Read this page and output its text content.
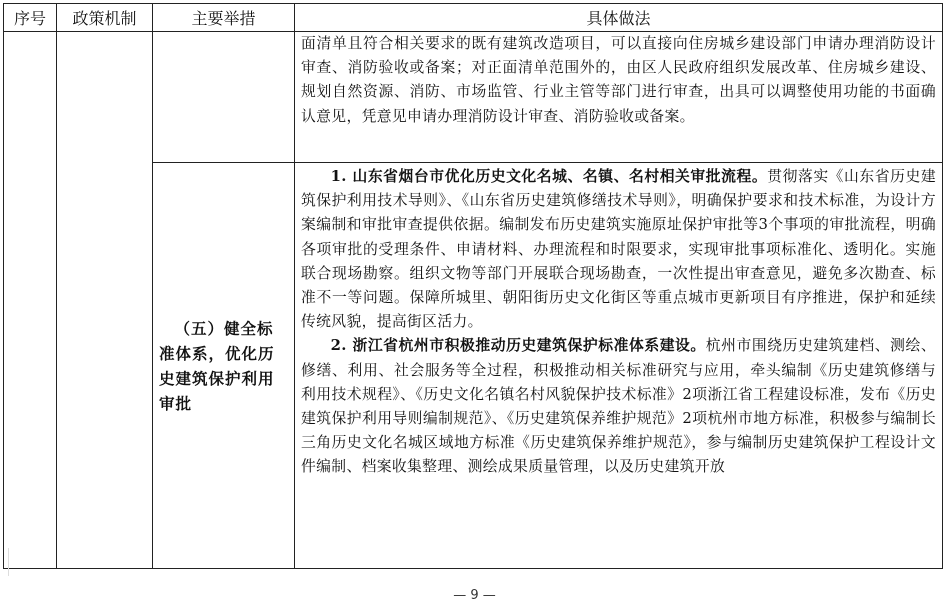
序号	政策机制	主要举措	具体做法

			面清单且符合相关要求的既有建筑改造项目，可以直接向住房城乡建设部门申请办理消防设计审查、消防验收或备案；对正面清单范围外的，由区人民政府组织发展改革、住房城乡建设、规划自然资源、消防、市场监管、行业主管等部门进行审查，出具可以调整使用功能的书面确认意见，凭意见申请办理消防设计审查、消防验收或备案。

		（五）健全标准体系，优化历史建筑保护利用审批	1. 山东省烟台市优化历史文化名城、名镇、名村相关审批流程。贯彻落实《山东省历史建筑保护利用技术导则》、《山东省历史建筑修缮技术导则》，明确保护要求和技术标准，为设计方案编制和审批审查提供依据。编制发布历史建筑实施原址保护审批等3个事项的审批流程，明确各项审批的受理条件、申请材料、办理流程和时限要求，实现审批事项标准化、透明化。实施联合现场勘察。组织文物等部门开展联合现场勘查，一次性提出审查意见，避免多次勘查、标准不一等问题。保障所城里、朝阳街历史文化街区等重点城市更新项目有序推进，保护和延续传统风貌，提高街区活力。

2. 浙江省杭州市积极推动历史建筑保护标准体系建设。杭州市围绕历史建筑建档、测绘、修缮、利用、社会服务等全过程，积极推动相关标准研究与应用，牵头编制《历史建筑修缮与利用技术规程》、《历史文化名镇名村风貌保护技术标准》2项浙江省工程建设标准，发布《历史建筑保护利用导则编制规范》、《历史建筑保养维护规范》2项杭州市地方标准，积极参与编制长三角历史文化名城区域地方标准《历史建筑保养维护规范》，参与编制历史建筑保护工程设计文件编制、档案收集整理、测绘成果质量管理，以及历史建筑开放

— 9 —
